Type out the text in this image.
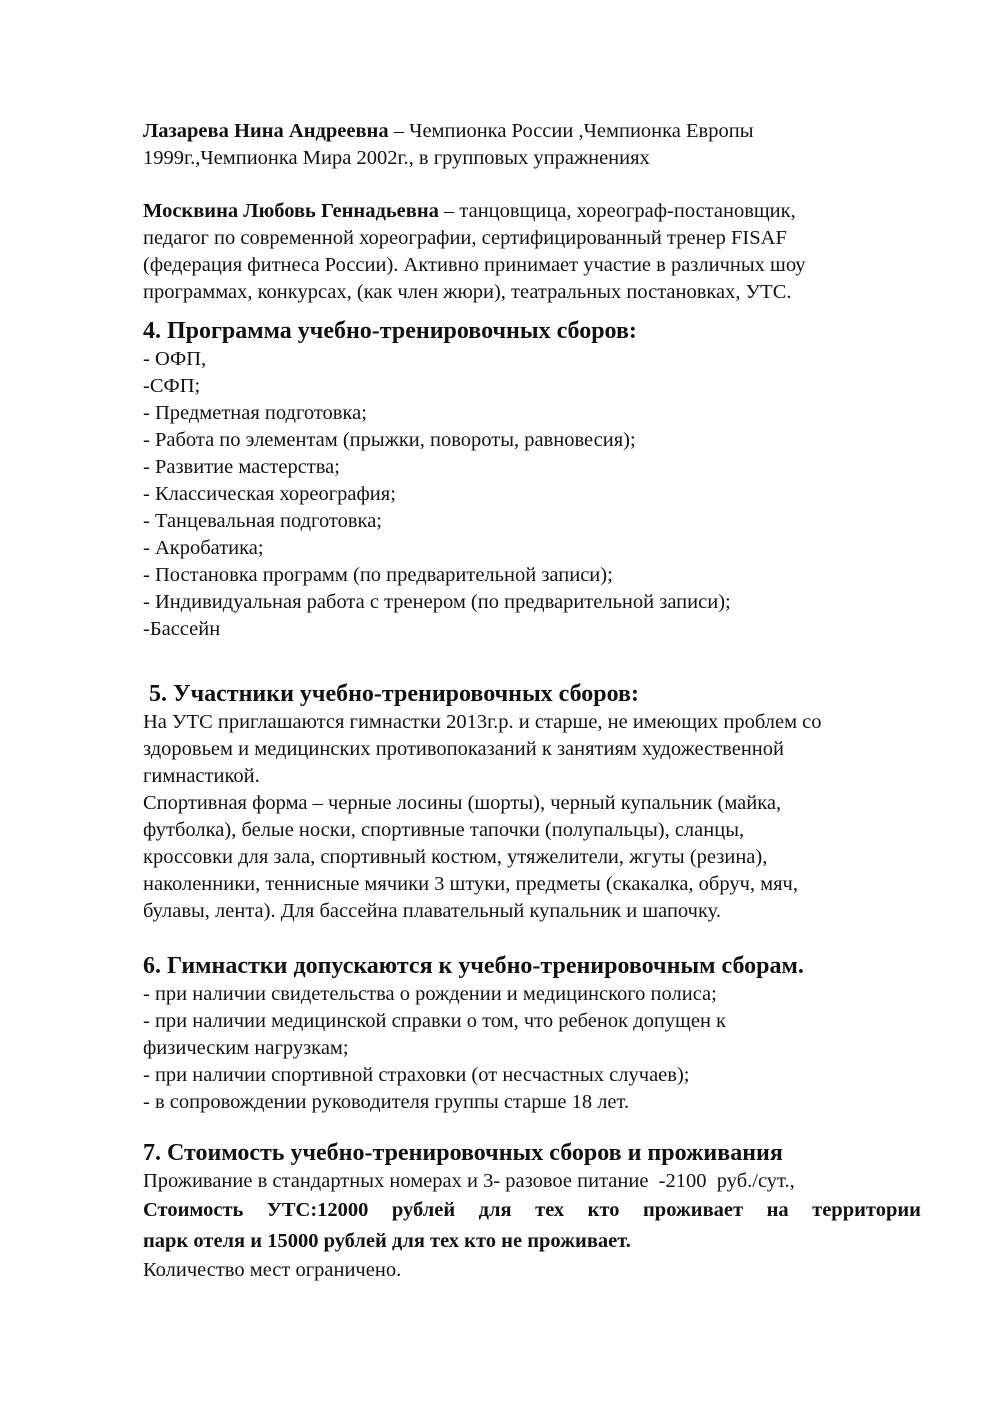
Лазарева Нина Андреевна – Чемпионка России ,Чемпионка Европы

1999г.,Чемпионка Мира 2002г., в групповых упражнениях

Москвина Любовь Геннадьевна – танцовщица, хореограф-постановщик,

педагог по современной хореографии, сертифицированный тренер FISAF

(федерация фитнеса России). Активно принимает участие в различных шоу

программах, конкурсах, (как член жюри), театральных постановках, УТС.

4. Программа учебно-тренировочных сборов:

- ОФП,

-СФП;

- Предметная подготовка;

- Работа по элементам (прыжки, повороты, равновесия);

- Развитие мастерства;

- Классическая хореография;

- Танцевальная подготовка;

- Акробатика;

- Постановка программ (по предварительной записи);

- Индивидуальная работа с тренером (по предварительной записи);

-Бассейн

5. Участники учебно-тренировочных сборов:

На УТС приглашаются гимнастки 2013г.р. и старше, не имеющих проблем со

здоровьем и медицинских противопоказаний к занятиям художественной

гимнастикой.

Спортивная форма – черные лосины (шорты), черный купальник (майка,

футболка), белые носки, спортивные тапочки (полупальцы), сланцы,

кроссовки для зала, спортивный костюм, утяжелители, жгуты (резина),

наколенники, теннисные мячики 3 штуки, предметы (скакалка, обруч, мяч,

булавы, лента). Для бассейна плавательный купальник и шапочку.

6. Гимнастки допускаются к учебно-тренировочным сборам.

- при наличии свидетельства о рождении и медицинского полиса;

- при наличии медицинской справки о том, что ребенок допущен к

физическим нагрузкам;

- при наличии спортивной страховки (от несчастных случаев);

- в сопровождении руководителя группы старше 18 лет.

7. Стоимость учебно-тренировочных сборов и проживания

Проживание в стандартных номерах и 3- разовое питание  -2100  руб./сут.,

Стоимость УТС:12000 рублей для тех кто проживает на территории

парк отеля и 15000 рублей для тех кто не проживает.

Количество мест ограничено.
